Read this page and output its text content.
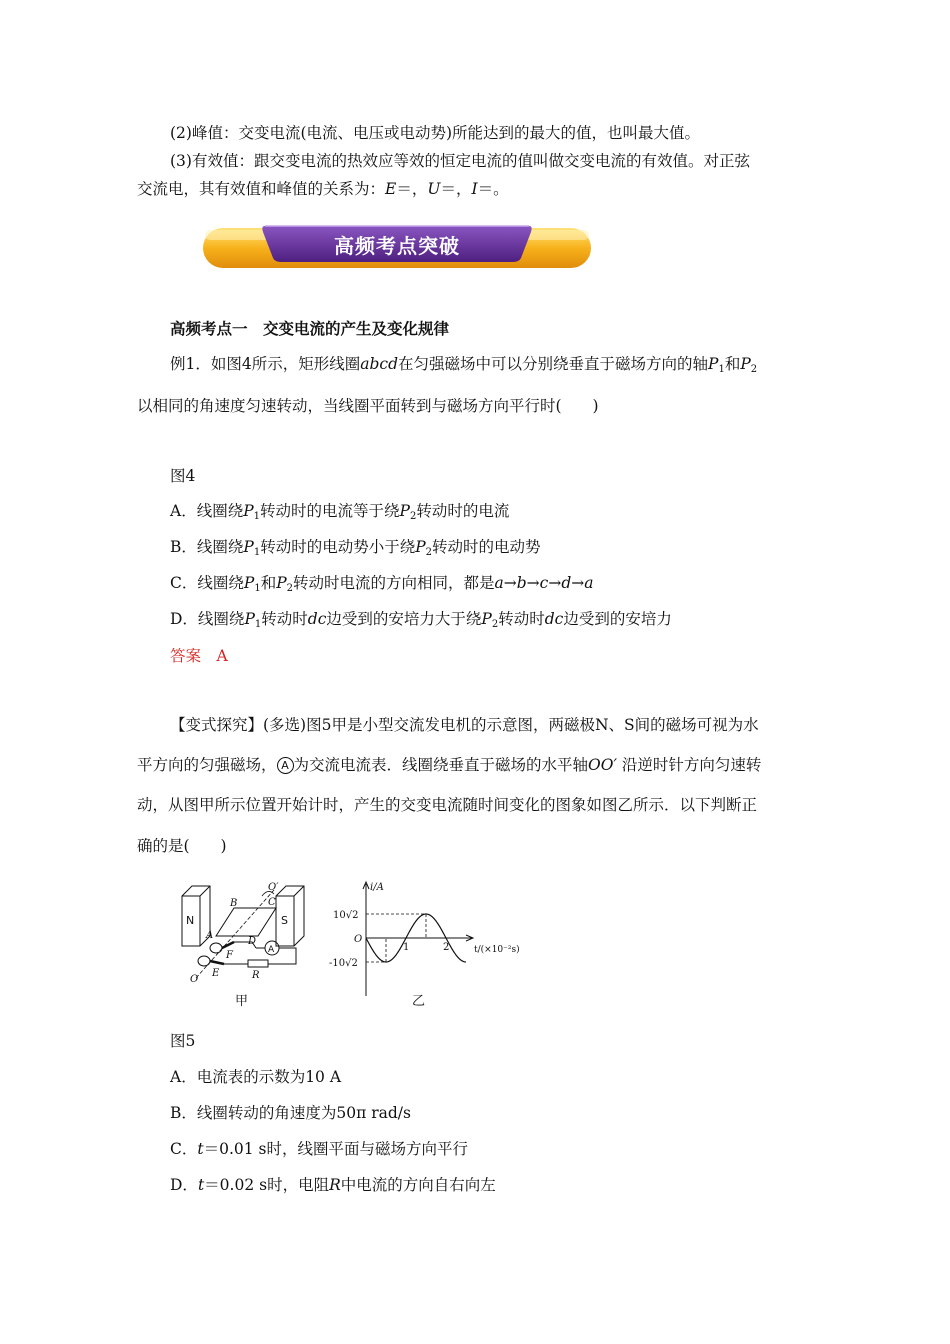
(2)峰值：交变电流(电流、电压或电动势)所能达到的最大的值，也叫最大值。
(3)有效值：跟交变电流的热效应等效的恒定电流的值叫做交变电流的有效值。对正弦
交流电，其有效值和峰值的关系为：E＝，U＝，I＝。
高频考点突破
高频考点一　交变电流的产生及变化规律
例1．如图4所示，矩形线圈abcd在匀强磁场中可以分别绕垂直于磁场方向的轴$P_1$和$P_2$
以相同的角速度匀速转动，当线圈平面转到与磁场方向平行时(　　)
图4
A．线圈绕$P_1$转动时的电流等于绕$P_2$转动时的电流
B．线圈绕$P_1$转动时的电动势小于绕$P_2$转动时的电动势
C．线圈绕$P_1$和$P_2$转动时电流的方向相同，都是a→b→c→d→a
D．线圈绕$P_1$转动时dc边受到的安培力大于绕$P_2$转动时dc边受到的安培力
答案　A
【变式探究】(多选)图5甲是小型交流发电机的示意图，两磁极N、S间的磁场可视为水
平方向的匀强磁场， A 为交流电流表．线圈绕垂直于磁场的水平轴OO′ 沿逆时针方向匀速转
动，从图甲所示位置开始计时，产生的交变电流随时间变化的图象如图乙所示．以下判断正
确的是(　　)
N	S
A
O′
B	C
A
D
F
E
O	R
i/A
t/(×10⁻²s)
O
10√2
-10√2
1	2
甲	乙
图5
A．电流表的示数为10 A
B．线圈转动的角速度为50π rad/s
C．t＝0.01 s时，线圈平面与磁场方向平行
D．t＝0.02 s时，电阻R中电流的方向自右向左
